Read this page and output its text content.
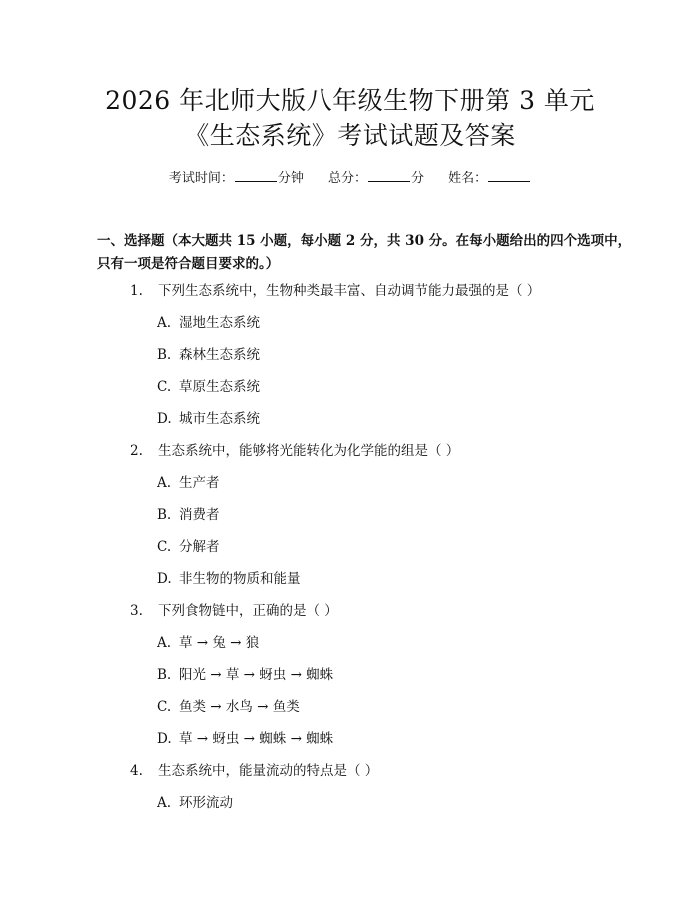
2026 年北师大版八年级生物下册第 3 单元
《生态系统》考试试题及答案
考试时间：	分钟 总分：	分 姓名：
一、选择题（本大题共 15 小题，每小题 2 分，共 30 分。在每小题给出的四个选项中，只有一项是符合题目要求的。）
1. 下列生态系统中，生物种类最丰富、自动调节能力最强的是（ ）
A. 湿地生态系统
B. 森林生态系统
C. 草原生态系统
D. 城市生态系统
2. 生态系统中，能够将光能转化为化学能的组是（ ）
A. 生产者
B. 消费者
C. 分解者
D. 非生物的物质和能量
3. 下列食物链中，正确的是（ ）
A. 草 → 兔 → 狼
B. 阳光 → 草 → 蚜虫 → 蜘蛛
C. 鱼类 → 水鸟 → 鱼类
D. 草 → 蚜虫 → 蜘蛛 → 蜘蛛
4. 生态系统中，能量流动的特点是（ ）
A. 环形流动
